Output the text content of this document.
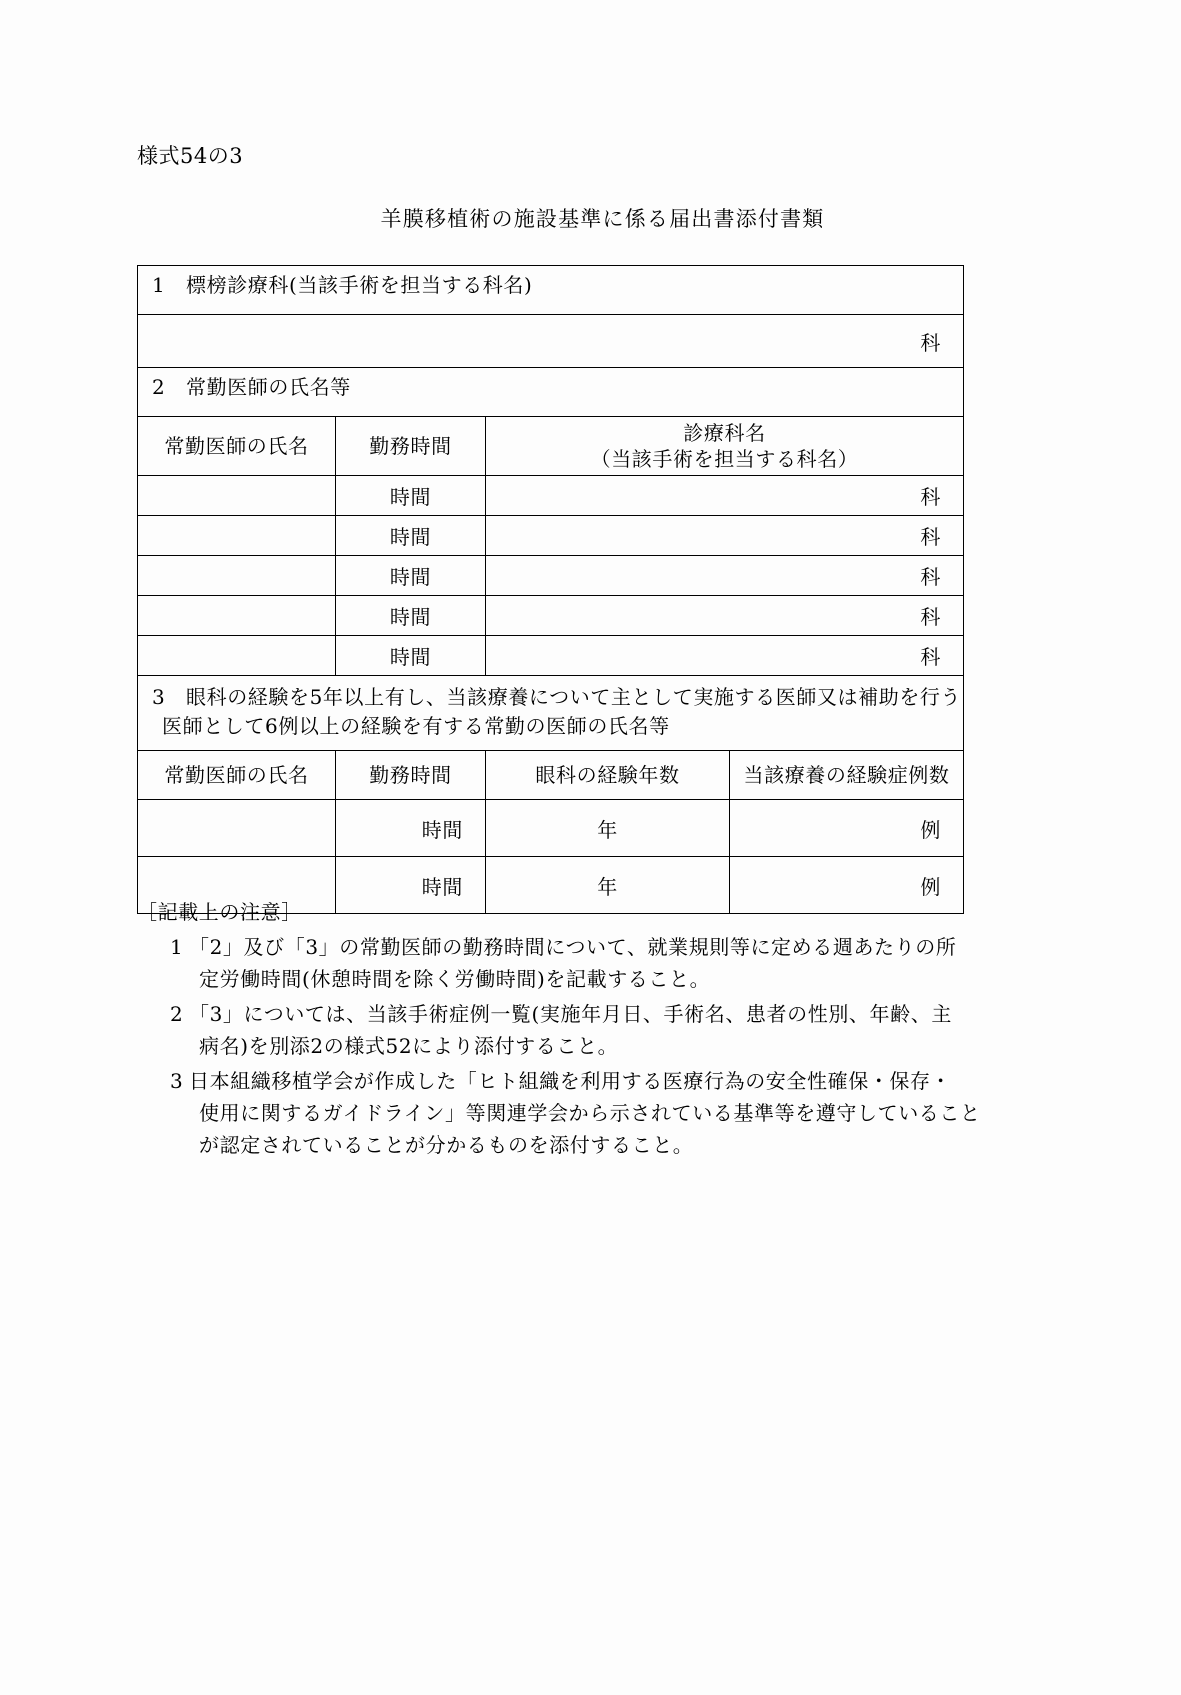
様式54の3
羊膜移植術の施設基準に係る届出書添付書類
1 標榜診療科(当該手術を担当する科名)			
科			
2 常勤医師の氏名等			
常勤医師の氏名	勤務時間	診療科名
（当該手術を担当する科名）	

	時間	科	
	時間	科	
	時間	科	
	時間	科	
	時間	科	
3 眼科の経験を5年以上有し、当該療養について主として実施する医師又は補助を行う
医師として6例以上の経験を有する常勤の医師の氏名等			

常勤医師の氏名	勤務時間	眼科の経験年数	当該療養の経験症例数
	時間	年	例
	時間	年	例

［記載上の注意］

1 「2」及び「3」の常勤医師の勤務時間について、就業規則等に定める週あたりの所
定労働時間(休憩時間を除く労働時間)を記載すること。
2 「3」については、当該手術症例一覧(実施年月日、手術名、患者の性別、年齢、主
病名)を別添2の様式52により添付すること。
3 日本組織移植学会が作成した「ヒト組織を利用する医療行為の安全性確保・保存・
使用に関するガイドライン」等関連学会から示されている基準等を遵守していること
が認定されていることが分かるものを添付すること。
